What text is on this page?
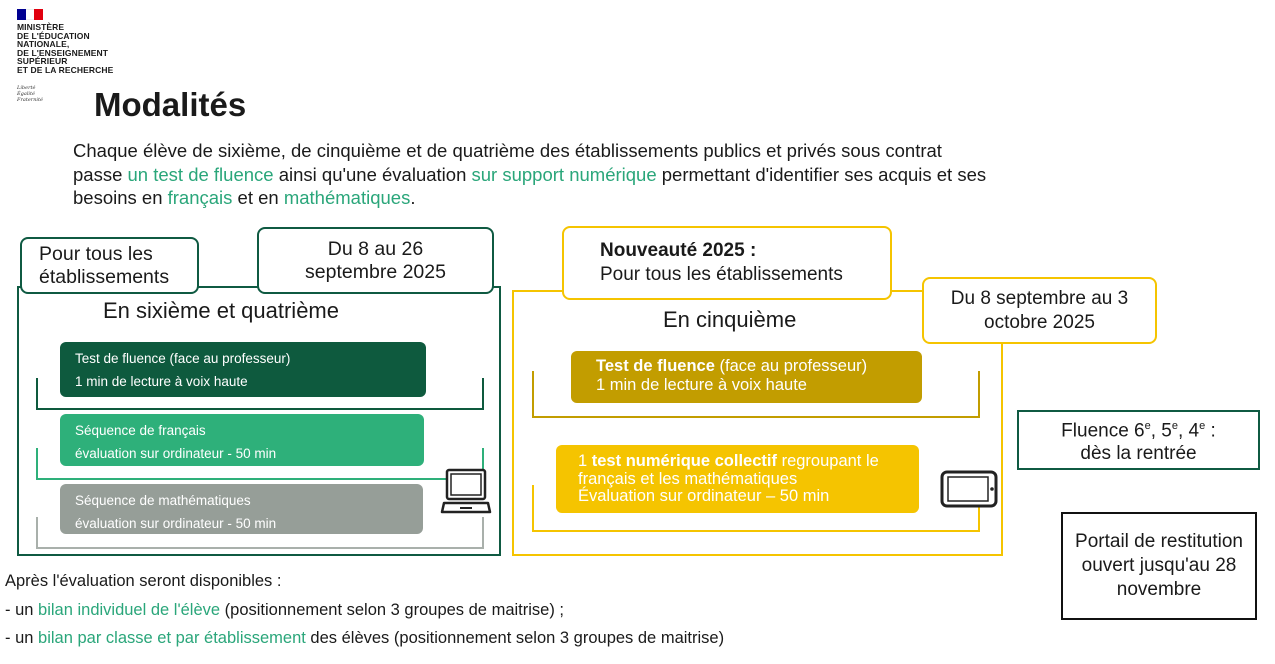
MINISTÈRE
DE L'ÉDUCATION
NATIONALE,
DE L'ENSEIGNEMENT
SUPÉRIEUR
ET DE LA RECHERCHE
Liberté
Égalité
Fraternité Modalités
Chaque élève de sixième, de cinquième et de quatrième des établissements publics et privés sous contrat passe un test de fluence ainsi qu'une évaluation sur support numérique permettant d'identifier ses acquis et ses besoins en français et en mathématiques.
Pour tous les établissements
Du 8 au 26 septembre 2025
En sixième et quatrième
Test de fluence (face au professeur)
1 min de lecture à voix haute
Séquence de français
évaluation sur ordinateur - 50 min
Séquence de mathématiques
évaluation sur ordinateur - 50 min
Nouveauté 2025 :
Pour tous les établissements
Du 8 septembre au 3 octobre 2025
En cinquième
Test de fluence (face au professeur)
1 min de lecture à voix haute
1 test numérique collectif regroupant le français et les mathématiques
Évaluation sur ordinateur – 50 min
Fluence 6e, 5e, 4e :
dès la rentrée
Portail de restitution ouvert jusqu'au 28 novembre
Après l'évaluation seront disponibles :
- un bilan individuel de l'élève (positionnement selon 3 groupes de maitrise) ;
- un bilan par classe et par établissement des élèves (positionnement selon 3 groupes de maitrise)
